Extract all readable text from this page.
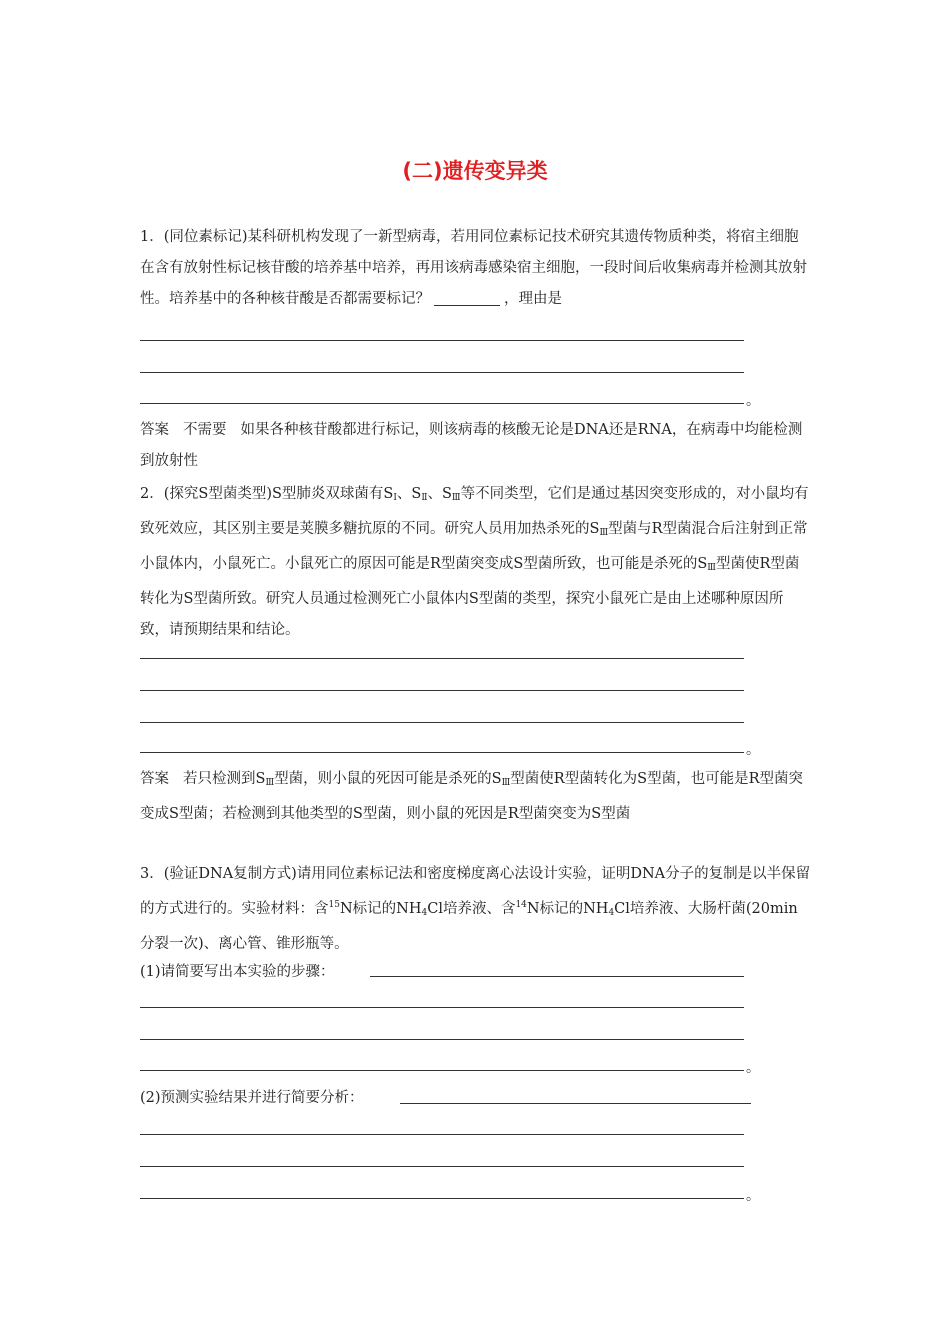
(二)遗传变异类
1．(同位素标记)某科研机构发现了一新型病毒，若用同位素标记技术研究其遗传物质种类，将宿主细胞在含有放射性标记核苷酸的培养基中培养，再用该病毒感染宿主细胞，一段时间后收集病毒并检测其放射性。培养基中的各种核苷酸是否都需要标记？	，理由是
。
答案 不需要 如果各种核苷酸都进行标记，则该病毒的核酸无论是DNA还是RNA，在病毒中均能检测到放射性
2．(探究S型菌类型)S型肺炎双球菌有$S_Ⅰ$、$S_Ⅱ$、$S_Ⅲ$等不同类型，它们是通过基因突变形成的，对小鼠均有致死效应，其区别主要是荚膜多糖抗原的不同。研究人员用加热杀死的$S_Ⅲ$型菌与R型菌混合后注射到正常小鼠体内，小鼠死亡。小鼠死亡的原因可能是R型菌突变成S型菌所致，也可能是杀死的$S_Ⅲ$型菌使R型菌转化为S型菌所致。研究人员通过检测死亡小鼠体内S型菌的类型，探究小鼠死亡是由上述哪种原因所致，请预期结果和结论。
。
答案 若只检测到$S_Ⅲ$型菌，则小鼠的死因可能是杀死的$S_Ⅲ$型菌使R型菌转化为S型菌，也可能是R型菌突变成S型菌；若检测到其他类型的S型菌，则小鼠的死因是R型菌突变为S型菌
3．(验证DNA复制方式)请用同位素标记法和密度梯度离心法设计实验，证明DNA分子的复制是以半保留的方式进行的。实验材料：含$^{15}$N标记的$NH_4Cl$培养液、含$^{14}$N标记的$NH_4Cl$培养液、大肠杆菌(20min分裂一次)、离心管、锥形瓶等。
(1)请简要写出本实验的步骤：
。
(2)预测实验结果并进行简要分析：
。
